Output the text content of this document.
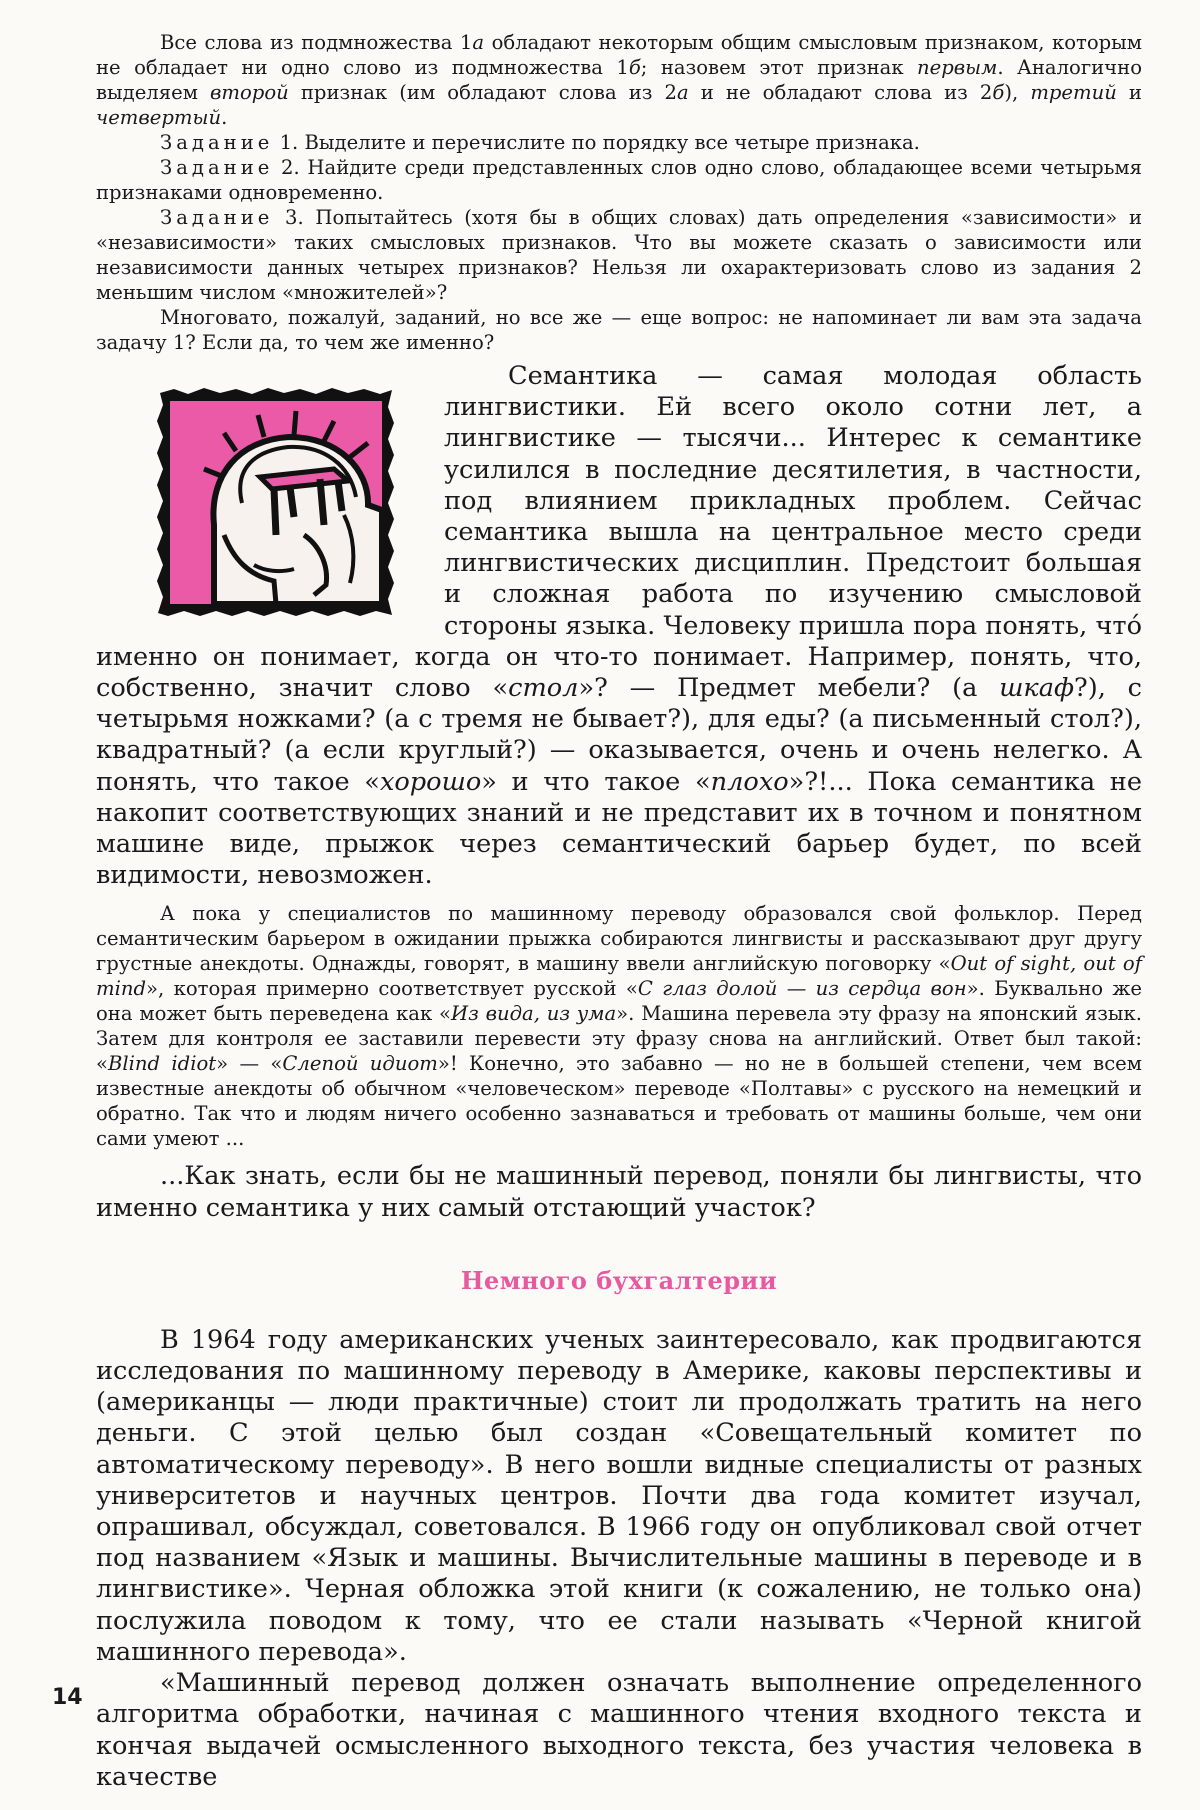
Все слова из подмножества 1а обладают некоторым общим смысловым признаком, которым не обладает ни одно слово из подмножества 1б; назовем этот признак первым. Аналогично выделяем второй признак (им обладают слова из 2а и не обладают слова из 2б), третий и четвертый.

Задание 1. Выделите и перечислите по порядку все четыре признака.

Задание 2. Найдите среди представленных слов одно слово, обладающее всеми четырьмя признаками одновременно.

Задание 3. Попытайтесь (хотя бы в общих словах) дать определения «зависимости» и «независимости» таких смысловых признаков. Что вы можете сказать о зависимости или независимости данных четырех признаков? Нельзя ли охарактеризовать слово из задания 2 меньшим числом «множителей»?

Многовато, пожалуй, заданий, но все же — еще вопрос: не напоминает ли вам эта задача задачу 1? Если да, то чем же именно?

Семантика — самая молодая область лингвистики. Ей всего около сотни лет, а лингвистике — тысячи... Интерес к семантике усилился в последние десятилетия, в частности, под влиянием прикладных проблем. Сейчас семантика вышла на центральное место среди лингвистических дисциплин. Предстоит большая и сложная работа по изучению смысловой стороны языка. Человеку пришла пора понять, что́ именно он понимает, когда он что-то понимает. Например, понять, что, собственно, значит слово «стол»? — Предмет мебели? (а шкаф?), с четырьмя ножками? (а с тремя не бывает?), для еды? (а письменный стол?), квадратный? (а если круглый?) — оказывается, очень и очень нелегко. А понять, что такое «хорошо» и что такое «плохо»?!... Пока семантика не накопит соответствующих знаний и не представит их в точном и понятном машине виде, прыжок через семантический барьер будет, по всей видимости, невозможен.

А пока у специалистов по машинному переводу образовался свой фольклор. Перед семантическим барьером в ожидании прыжка собираются лингвисты и рассказывают друг другу грустные анекдоты. Однажды, говорят, в машину ввели английскую поговорку «Out of sight, out of mind», которая примерно соответствует русской «С глаз долой — из сердца вон». Буквально же она может быть переведена как «Из вида, из ума». Машина перевела эту фразу на японский язык. Затем для контроля ее заставили перевести эту фразу снова на английский. Ответ был такой: «Blind idiot» — «Слепой идиот»! Конечно, это забавно — но не в большей степени, чем всем известные анекдоты об обычном «человеческом» переводе «Полтавы» с русского на немецкий и обратно. Так что и людям ничего особенно зазнаваться и требовать от машины больше, чем они сами умеют ...

...Как знать, если бы не машинный перевод, поняли бы лингвисты, что именно семантика у них самый отстающий участок?

Немного бухгалтерии

В 1964 году американских ученых заинтересовало, как продвигаются исследования по машинному переводу в Америке, каковы перспективы и (американцы — люди практичные) стоит ли продолжать тратить на него деньги. С этой целью был создан «Совещательный комитет по автоматическому переводу». В него вошли видные специалисты от разных университетов и научных центров. Почти два года комитет изучал, опрашивал, обсуждал, советовался. В 1966 году он опубликовал свой отчет под названием «Язык и машины. Вычислительные машины в переводе и в лингвистике». Черная обложка этой книги (к сожалению, не только она) послужила поводом к тому, что ее стали называть «Черной книгой машинного перевода».

«Машинный перевод должен означать выполнение определенного алгоритма обработки, начиная с машинного чтения входного текста и кончая выдачей осмысленного выходного текста, без участия человека в качестве

14
